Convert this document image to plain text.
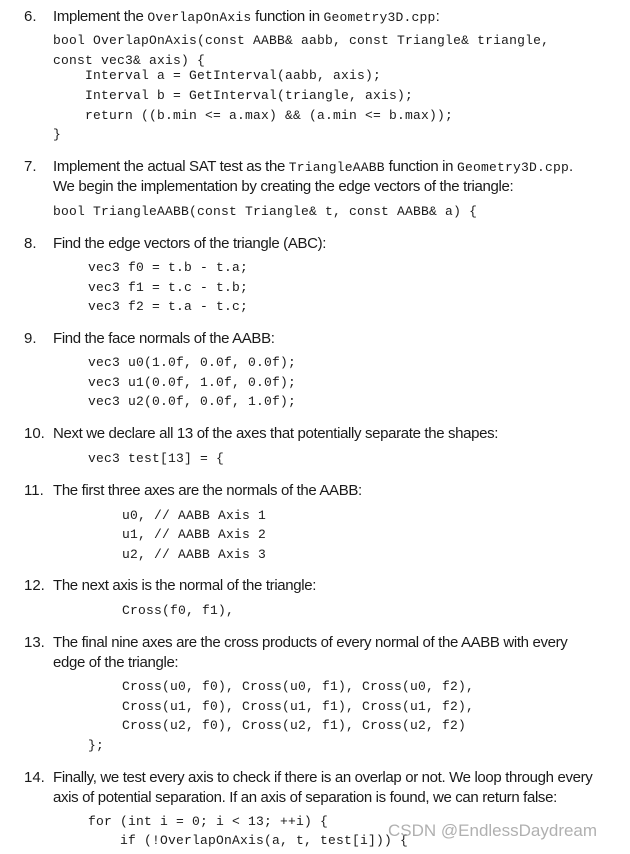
6. Implement the OverlapOnAxis function in Geometry3D.cpp:
bool OverlapOnAxis(const AABB& aabb, const Triangle& triangle,
const vec3& axis) {
Interval a = GetInterval(aabb, axis);
Interval b = GetInterval(triangle, axis);
return ((b.min <= a.max) && (a.min <= b.max));
}
7. Implement the actual SAT test as the TriangleAABB function in Geometry3D.cpp.
We begin the implementation by creating the edge vectors of the triangle:
bool TriangleAABB(const Triangle& t, const AABB& a) {
8. Find the edge vectors of the triangle (ABC):
vec3 f0 = t.b - t.a;
vec3 f1 = t.c - t.b;
vec3 f2 = t.a - t.c;
9. Find the face normals of the AABB:
vec3 u0(1.0f, 0.0f, 0.0f);
vec3 u1(0.0f, 1.0f, 0.0f);
vec3 u2(0.0f, 0.0f, 1.0f);
10. Next we declare all 13 of the axes that potentially separate the shapes:
vec3 test[13] = {
11. The first three axes are the normals of the AABB:
u0, // AABB Axis 1
u1, // AABB Axis 2
u2, // AABB Axis 3
12. The next axis is the normal of the triangle:
Cross(f0, f1),
13. The final nine axes are the cross products of every normal of the AABB with every
edge of the triangle:
Cross(u0, f0), Cross(u0, f1), Cross(u0, f2),
Cross(u1, f0), Cross(u1, f1), Cross(u1, f2),
Cross(u2, f0), Cross(u2, f1), Cross(u2, f2)
};
14. Finally, we test every axis to check if there is an overlap or not. We loop through every
axis of potential separation. If an axis of separation is found, we can return false:
for (int i = 0; i < 13; ++i) {
if (!OverlapOnAxis(a, t, test[i])) {
CSDN @EndlessDaydream
